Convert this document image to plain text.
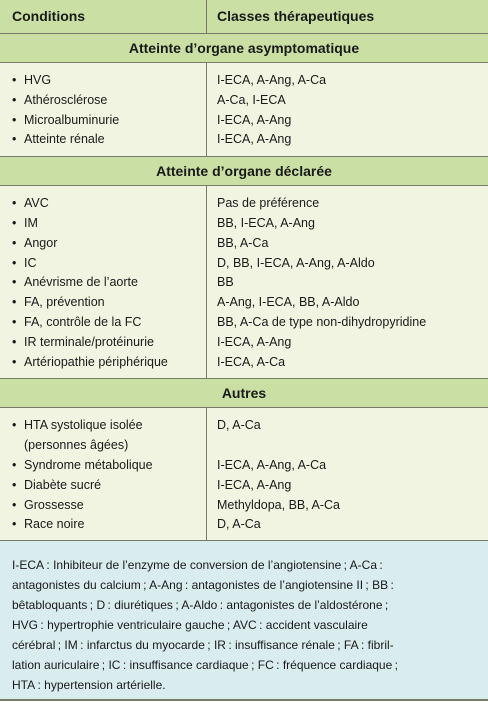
Conditions	Classes thérapeutiques
Atteinte d’organe asymptomatique
• HVG
• Athérosclérose
• Microalbuminurie
• Atteinte rénale
I-ECA, A-Ang, A-Ca
A-Ca, I-ECA
I-ECA, A-Ang
I-ECA, A-Ang
Atteinte d’organe déclarée
• AVC
• IM
• Angor
• IC
• Anévrisme de l’aorte
• FA, prévention
• FA, contrôle de la FC
• IR terminale/protéinurie
• Artériopathie périphérique
Pas de préférence
BB, I-ECA, A-Ang
BB, A-Ca
D, BB, I-ECA, A-Ang, A-Aldo
BB
A-Ang, I-ECA, BB, A-Aldo
BB, A-Ca de type non-dihydropyridine
I-ECA, A-Ang
I-ECA, A-Ca
Autres
• HTA systolique isolée
(personnes âgées)
• Syndrome métabolique
• Diabète sucré
• Grossesse
• Race noire
D, A-Ca

I-ECA, A-Ang, A-Ca
I-ECA, A-Ang
Methyldopa, BB, A-Ca
D, A-Ca
I-ECA : Inhibiteur de l’enzyme de conversion de l’angiotensine ; A-Ca :
antagonistes du calcium ; A-Ang : antagonistes de l’angiotensine II ; BB :
bêtabloquants ; D : diurétiques ; A-Aldo : antagonistes de l’aldostérone ;
HVG : hypertrophie ventriculaire gauche ; AVC : accident vasculaire
cérébral ; IM : infarctus du myocarde ; IR : insuffisance rénale ; FA : fibril-
lation auriculaire ; IC : insuffisance cardiaque ; FC : fréquence cardiaque ;
HTA : hypertension artérielle.
